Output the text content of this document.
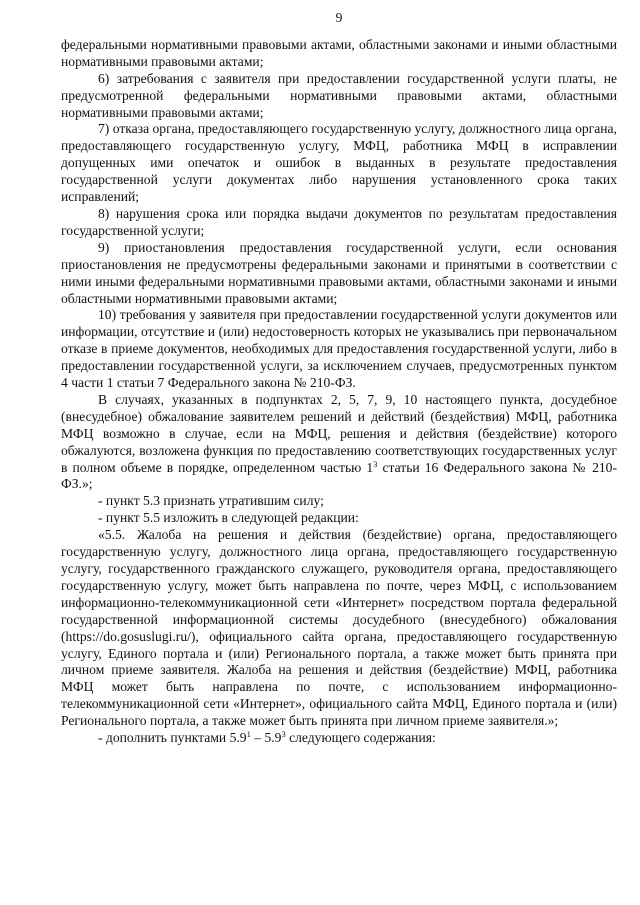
9

федеральными нормативными правовыми актами, областными законами и иными областными нормативными правовыми актами;

6) затребования с заявителя при предоставлении государственной услуги платы, не предусмотренной федеральными нормативными правовыми актами, областными нормативными правовыми актами;

7) отказа органа, предоставляющего государственную услугу, должностного лица органа, предоставляющего государственную услугу, МФЦ, работника МФЦ в исправлении допущенных ими опечаток и ошибок в выданных в результате предоставления государственной услуги документах либо нарушения установленного срока таких исправлений;

8) нарушения срока или порядка выдачи документов по результатам предоставления государственной услуги;

9) приостановления предоставления государственной услуги, если основания приостановления не предусмотрены федеральными законами и принятыми в соответствии с ними иными федеральными нормативными правовыми актами, областными законами и иными областными нормативными правовыми актами;

10) требования у заявителя при предоставлении государственной услуги документов или информации, отсутствие и (или) недостоверность которых не указывались при первоначальном отказе в приеме документов, необходимых для предоставления государственной услуги, либо в предоставлении государственной услуги, за исключением случаев, предусмотренных пунктом 4 части 1 статьи 7 Федерального закона № 210-ФЗ.

В случаях, указанных в подпунктах 2, 5, 7, 9, 10 настоящего пункта, досудебное (внесудебное) обжалование заявителем решений и действий (бездействия) МФЦ, работника МФЦ возможно в случае, если на МФЦ, решения и действия (бездействие) которого обжалуются, возложена функция по предоставлению соответствующих государственных услуг в полном объеме в порядке, определенном частью $1^3$ статьи 16 Федерального закона № 210-ФЗ.»;

- пункт 5.3 признать утратившим силу;

- пункт 5.5 изложить в следующей редакции:

«5.5. Жалоба на решения и действия (бездействие) органа, предоставляющего государственную услугу, должностного лица органа, предоставляющего государственную услугу, государственного гражданского служащего, руководителя органа, предоставляющего государственную услугу, может быть направлена по почте, через МФЦ, с использованием информационно-телекоммуникационной сети «Интернет» посредством портала федеральной государственной информационной системы досудебного (внесудебного) обжалования (https://do.gosuslugi.ru/), официального сайта органа, предоставляющего государственную услугу, Единого портала и (или) Регионального портала, а также может быть принята при личном приеме заявителя. Жалоба на решения и действия (бездействие) МФЦ, работника МФЦ может быть направлена по почте, с использованием информационно-телекоммуникационной сети «Интернет», официального сайта МФЦ, Единого портала и (или) Регионального портала, а также может быть принята при личном приеме заявителя.»;

- дополнить пунктами $5.9^1 - 5.9^3$ следующего содержания:
